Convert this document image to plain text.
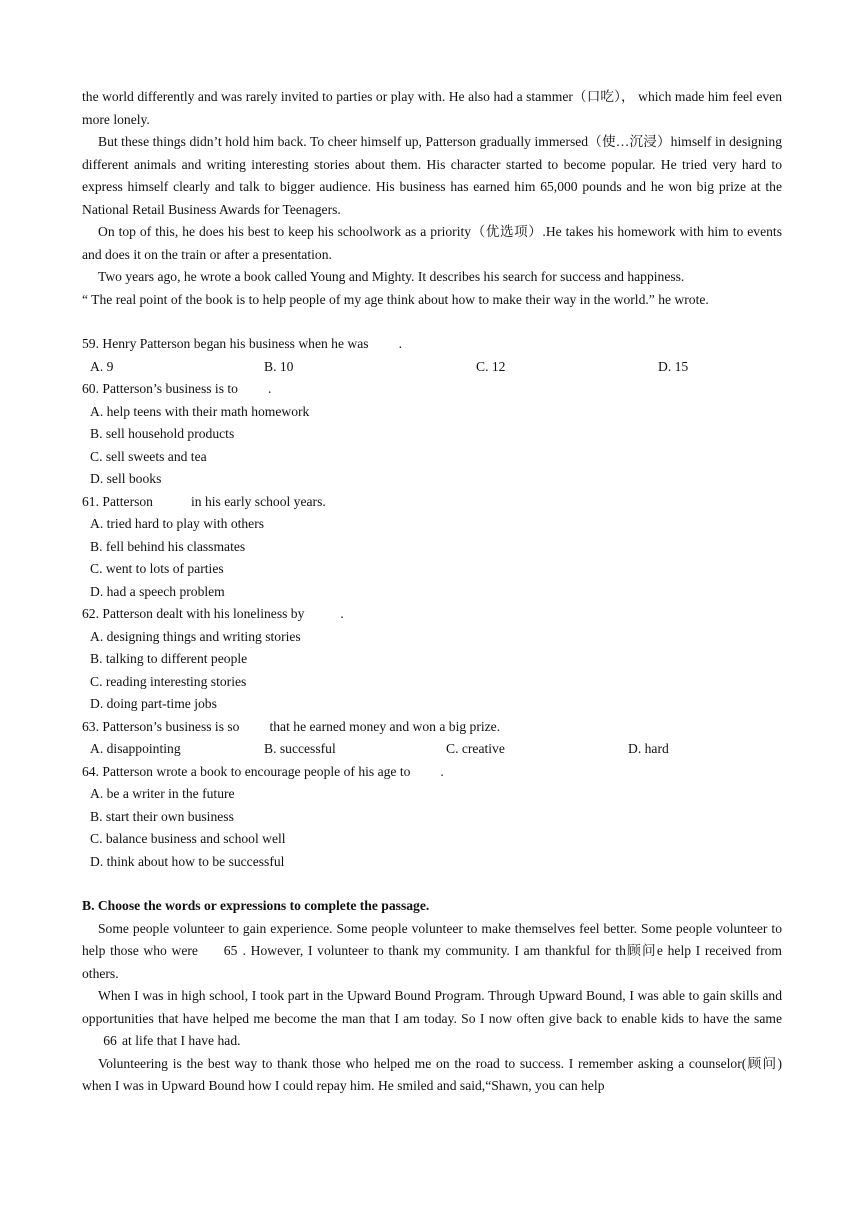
the world differently and was rarely invited to parties or play with. He also had a stammer（口吃）， which made him feel even more lonely.

But these things didn’t hold him back. To cheer himself up, Patterson gradually immersed（使…沉浸）himself in designing different animals and writing interesting stories about them. His character started to become popular. He tried very hard to express himself clearly and talk to bigger audience. His business has earned him 65,000 pounds and he won big prize at the National Retail Business Awards for Teenagers.

On top of this, he does his best to keep his schoolwork as a priority（优选项）.He takes his homework with him to events and does it on the train or after a presentation.

Two years ago, he wrote a book called Young and Mighty. It describes his search for success and happiness.

“ The real point of the book is to help people of my age think about how to make their way in the world.” he wrote.

59. Henry Patterson began his business when he was .

A. 9	B. 10	C. 12	D. 15

60. Patterson’s business is to .

A. help teens with their math homework

B. sell household products

C. sell sweets and tea

D. sell books

61. Patterson	in his early school years.

A. tried hard to play with others

B. fell behind his classmates

C. went to lots of parties

D. had a speech problem

62. Patterson dealt with his loneliness by	.

A. designing things and writing stories

B. talking to different people

C. reading interesting stories

D. doing part-time jobs

63. Patterson’s business is so that he earned money and won a big prize.

A. disappointing	B. successful	C. creative	D. hard

64. Patterson wrote a book to encourage people of his age to .

A. be a writer in the future

B. start their own business

C. balance business and school well

D. think about how to be successful

B. Choose the words or expressions to complete the passage.

Some people volunteer to gain experience. Some people volunteer to make themselves feel better. Some people volunteer to help those who were 65 . However, I volunteer to thank my community. I am thankful for th顾问e help I received from others.

When I was in high school, I took part in the Upward Bound Program. Through Upward Bound, I was able to gain skills and opportunities that have helped me become the man that I am today. So I now often give back to enable kids to have the same 66 at life that I have had.

Volunteering is the best way to thank those who helped me on the road to success. I remember asking a counselor(顾问) when I was in Upward Bound how I could repay him. He smiled and said,“Shawn, you can help
